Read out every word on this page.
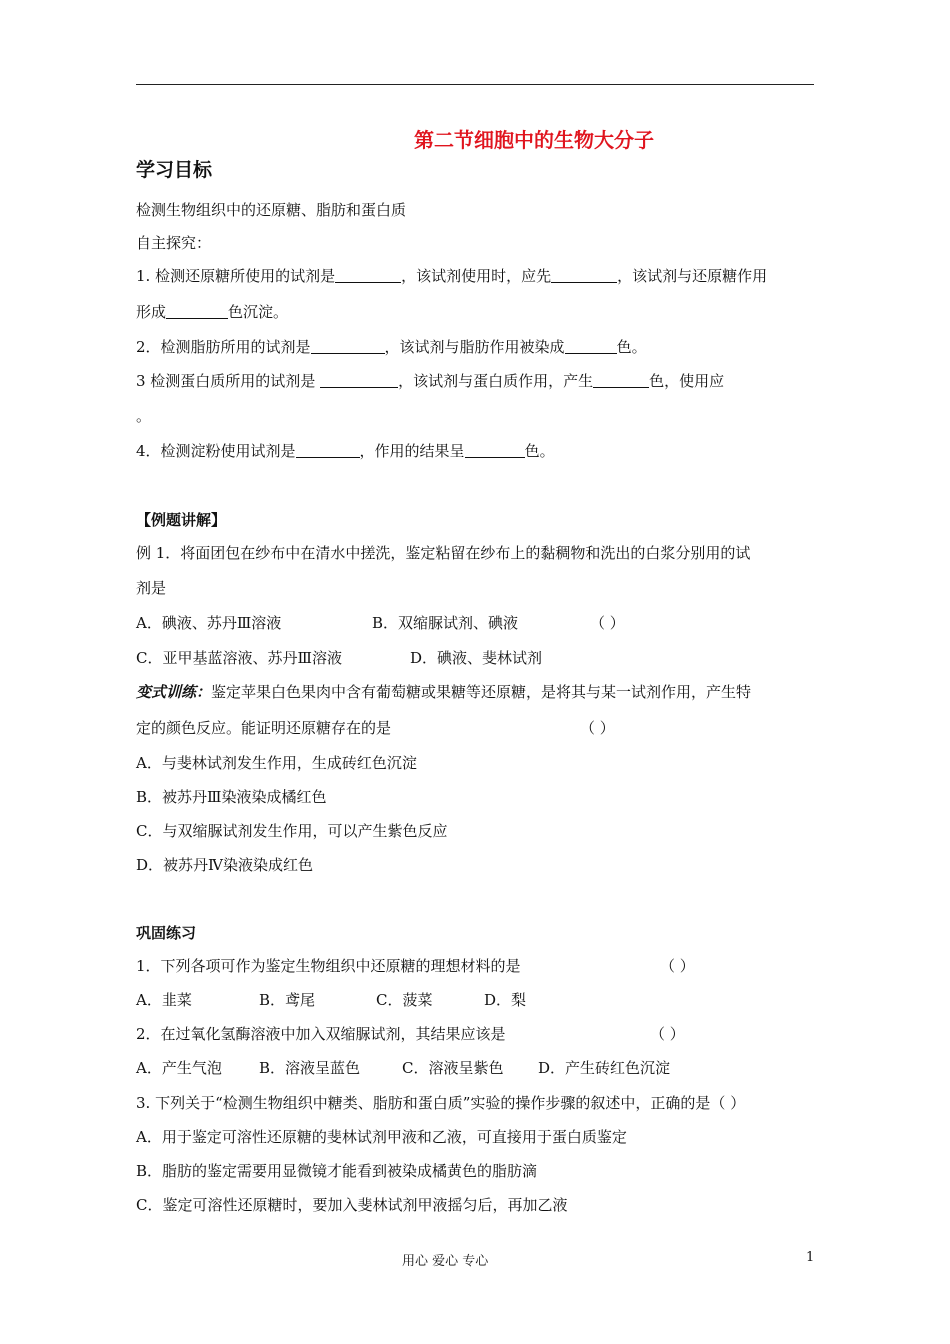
第二节细胞中的生物大分子
学习目标
检测生物组织中的还原糖、脂肪和蛋白质
自主探究：
1. 检测还原糖所使用的试剂是	，该试剂使用时，应先	，该试剂与还原糖作用
形成	色沉淀。
2．检测脂肪所用的试剂是	，该试剂与脂肪作用被染成	色。
3 检测蛋白质所用的试剂是	，该试剂与蛋白质作用，产生	色，使用应
。
4．检测淀粉使用试剂是	，作用的结果呈	色。
【例题讲解】
例 1．将面团包在纱布中在清水中搓洗，鉴定粘留在纱布上的黏稠物和洗出的白浆分别用的试
剂是
A．碘液、苏丹Ⅲ溶液	B．双缩脲试剂、碘液	（ ）
C．亚甲基蓝溶液、苏丹Ⅲ溶液	D．碘液、斐林试剂
变式训练：鉴定苹果白色果肉中含有葡萄糖或果糖等还原糖，是将其与某一试剂作用，产生特
定的颜色反应。能证明还原糖存在的是	（ ）
A．与斐林试剂发生作用，生成砖红色沉淀
B．被苏丹Ⅲ染液染成橘红色
C．与双缩脲试剂发生作用，可以产生紫色反应
D．被苏丹Ⅳ染液染成红色
巩固练习
1．下列各项可作为鉴定生物组织中还原糖的理想材料的是	（ ）
A．韭菜	B．鸢尾	C．菠菜	D．梨
2．在过氧化氢酶溶液中加入双缩脲试剂，其结果应该是	（ ）
A．产生气泡 B．溶液呈蓝色	C．溶液呈紫色 D．产生砖红色沉淀
3. 下列关于“检测生物组织中糖类、脂肪和蛋白质”实验的操作步骤的叙述中，正确的是（ ）
A．用于鉴定可溶性还原糖的斐林试剂甲液和乙液，可直接用于蛋白质鉴定
B．脂肪的鉴定需要用显微镜才能看到被染成橘黄色的脂肪滴
C．鉴定可溶性还原糖时，要加入斐林试剂甲液摇匀后，再加乙液
用心 爱心 专心	1
